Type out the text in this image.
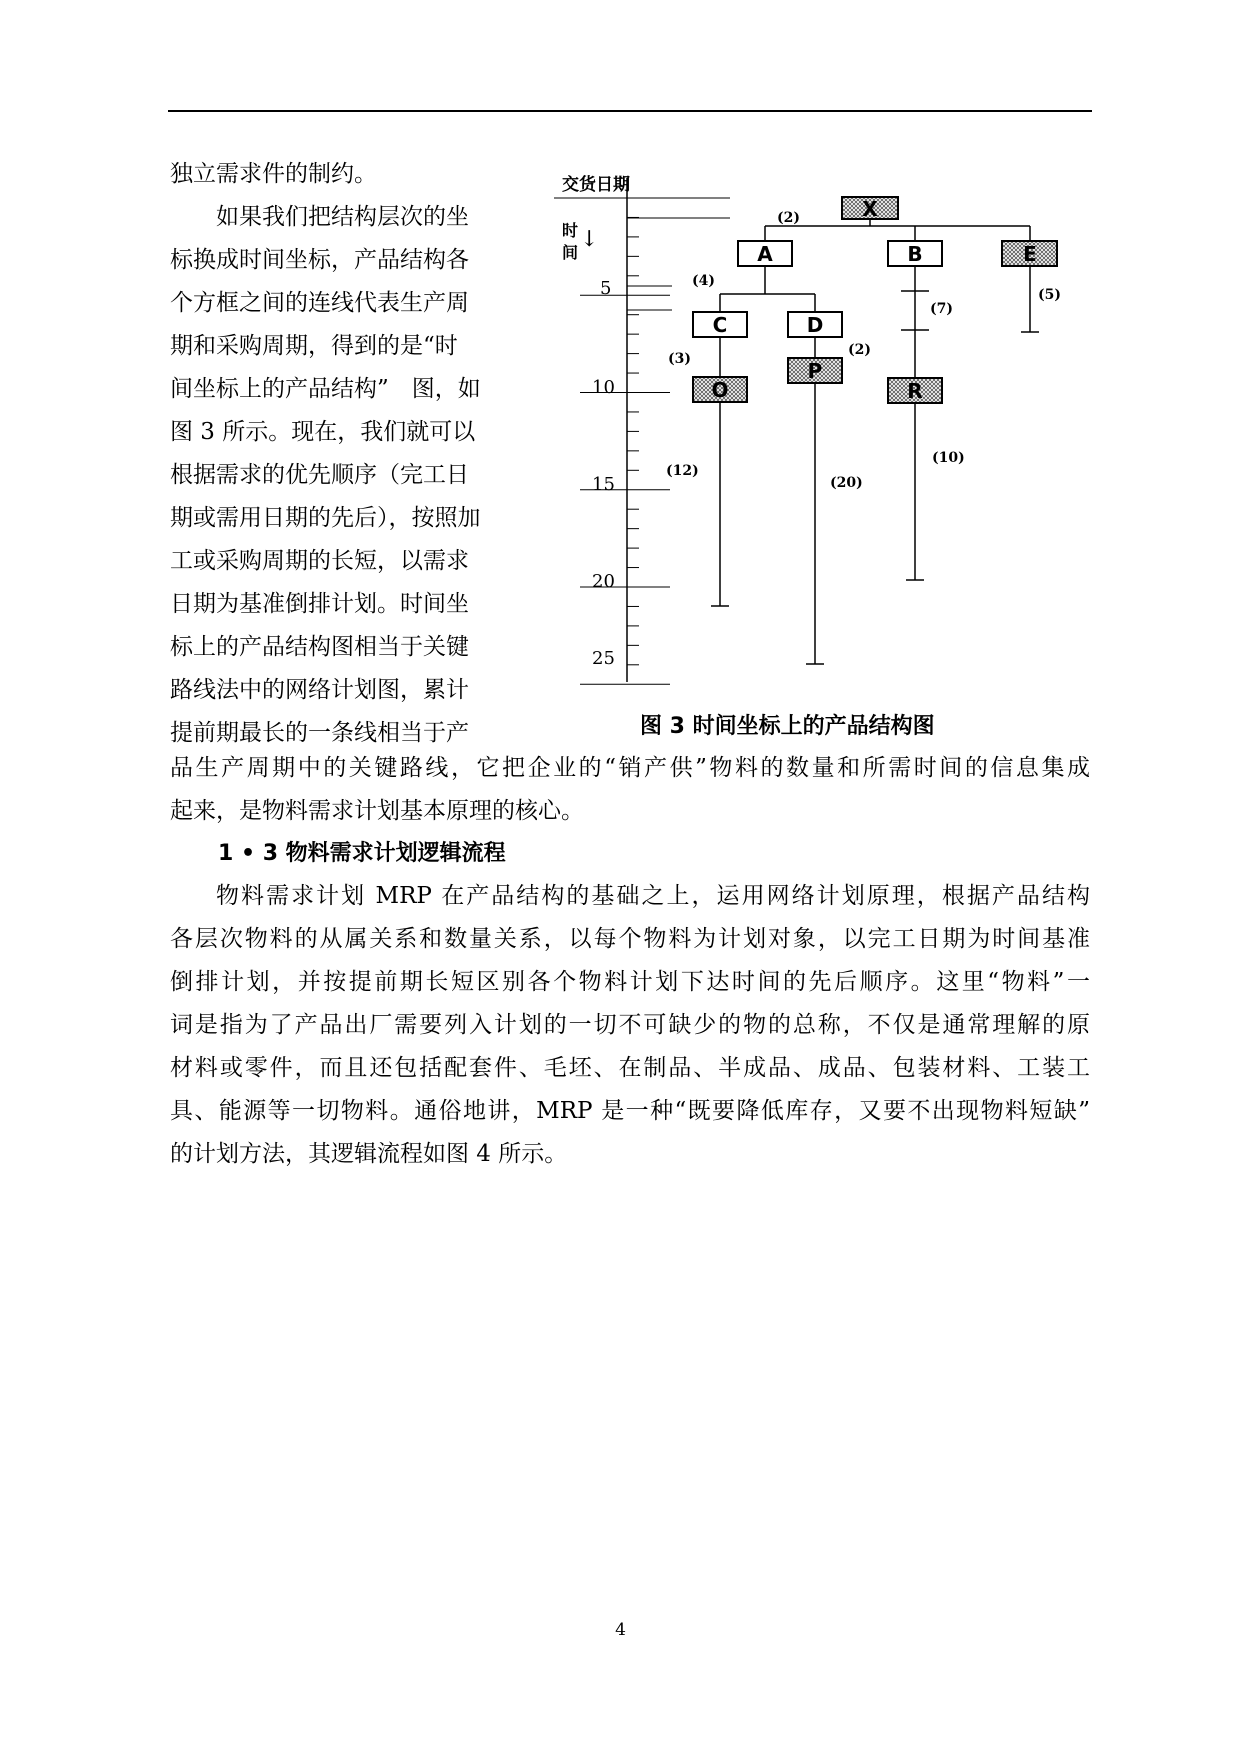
独立需求件的制约。
如果我们把结构层次的坐
标换成时间坐标，产品结构各
个方框之间的连线代表生产周
期和采购周期，得到的是“时
间坐标上的产品结构”　图，如
图 3 所示。现在，我们就可以
根据需求的优先顺序（完工日
期或需用日期的先后），按照加
工或采购周期的长短，以需求
日期为基准倒排计划。时间坐
标上的产品结构图相当于关键
路线法中的网络计划图，累计
提前期最长的一条线相当于产
交货日期
时
间
↓
5
10
15
20
25
X
A	B	E
C	D
O
P
R
(2)
(4)
(2)
(3)
(7)
(5)
(12)
(20)
(10)
图 3 时间坐标上的产品结构图
品生产周期中的关键路线，它把企业的“销产供”物料的数量和所需时间的信息集成
起来，是物料需求计划基本原理的核心。
1 • 3 物料需求计划逻辑流程
物料需求计划 MRP 在产品结构的基础之上，运用网络计划原理，根据产品结构
各层次物料的从属关系和数量关系，以每个物料为计划对象，以完工日期为时间基准
倒排计划，并按提前期长短区别各个物料计划下达时间的先后顺序。这里“物料”一
词是指为了产品出厂需要列入计划的一切不可缺少的物的总称，不仅是通常理解的原
材料或零件，而且还包括配套件、毛坯、在制品、半成品、成品、包装材料、工装工
具、能源等一切物料。通俗地讲，MRP 是一种“既要降低库存，又要不出现物料短缺”
的计划方法，其逻辑流程如图 4 所示。
4
